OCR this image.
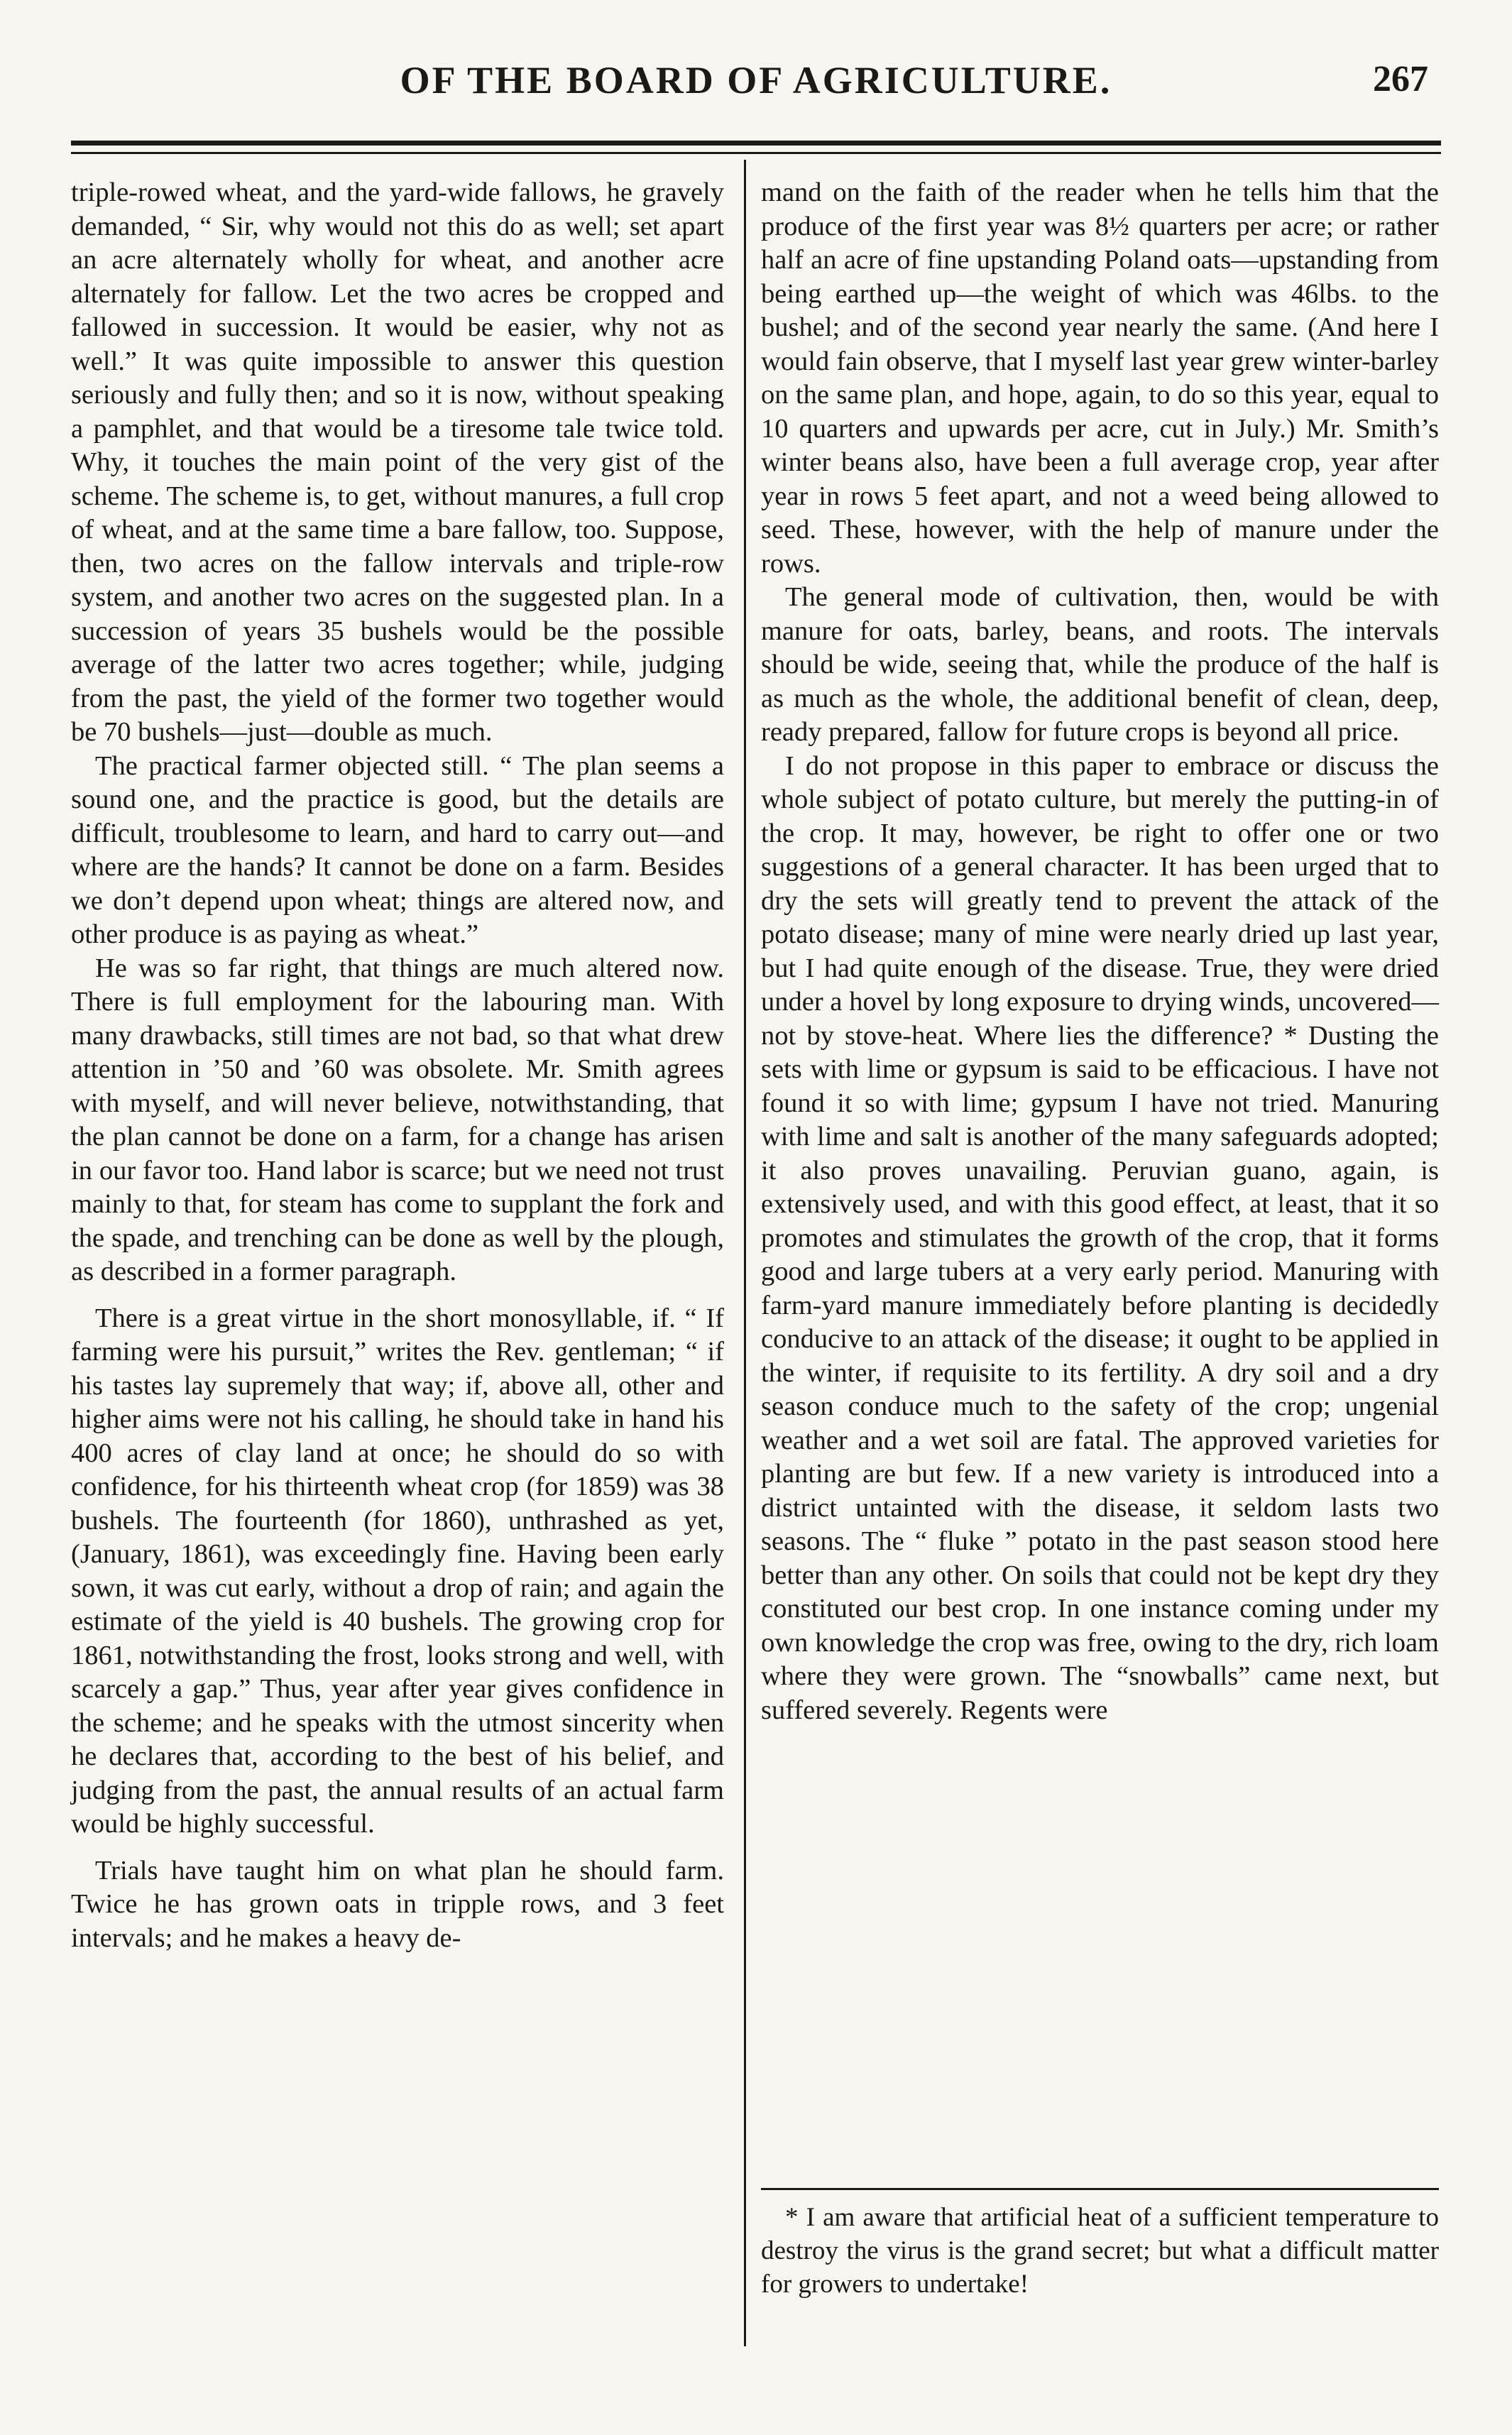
OF THE BOARD OF AGRICULTURE.	267

triple-rowed wheat, and the yard-wide fallows, he gravely demanded, “ Sir, why would not this do as well; set apart an acre alternately wholly for wheat, and another acre alternately for fallow. Let the two acres be cropped and fallowed in succession. It would be easier, why not as well.” It was quite impossible to answer this question seriously and fully then; and so it is now, without speaking a pamphlet, and that would be a tiresome tale twice told. Why, it touches the main point of the very gist of the scheme. The scheme is, to get, without manures, a full crop of wheat, and at the same time a bare fallow, too. Suppose, then, two acres on the fallow intervals and triple-row system, and another two acres on the suggested plan. In a succession of years 35 bushels would be the possible average of the latter two acres together; while, judging from the past, the yield of the former two together would be 70 bushels—just—double as much.

The practical farmer objected still. “ The plan seems a sound one, and the practice is good, but the details are difficult, troublesome to learn, and hard to carry out—and where are the hands? It cannot be done on a farm. Besides we don’t depend upon wheat; things are altered now, and other produce is as paying as wheat.”

He was so far right, that things are much altered now. There is full employment for the labouring man. With many drawbacks, still times are not bad, so that what drew attention in ’50 and ’60 was obsolete. Mr. Smith agrees with myself, and will never believe, notwithstanding, that the plan cannot be done on a farm, for a change has arisen in our favor too. Hand labor is scarce; but we need not trust mainly to that, for steam has come to supplant the fork and the spade, and trenching can be done as well by the plough, as described in a former paragraph.

There is a great virtue in the short monosyllable, if. “ If farming were his pursuit,” writes the Rev. gentleman; “ if his tastes lay supremely that way; if, above all, other and higher aims were not his calling, he should take in hand his 400 acres of clay land at once; he should do so with confidence, for his thirteenth wheat crop (for 1859) was 38 bushels. The fourteenth (for 1860), unthrashed as yet, (January, 1861), was exceedingly fine. Having been early sown, it was cut early, without a drop of rain; and again the estimate of the yield is 40 bushels. The growing crop for 1861, notwithstanding the frost, looks strong and well, with scarcely a gap.” Thus, year after year gives confidence in the scheme; and he speaks with the utmost sincerity when he declares that, according to the best of his belief, and judging from the past, the annual results of an actual farm would be highly successful.

Trials have taught him on what plan he should farm. Twice he has grown oats in tripple rows, and 3 feet intervals; and he makes a heavy de-

mand on the faith of the reader when he tells him that the produce of the first year was 8½ quarters per acre; or rather half an acre of fine upstanding Poland oats—upstanding from being earthed up—the weight of which was 46lbs. to the bushel; and of the second year nearly the same. (And here I would fain observe, that I myself last year grew winter-barley on the same plan, and hope, again, to do so this year, equal to 10 quarters and upwards per acre, cut in July.) Mr. Smith’s winter beans also, have been a full average crop, year after year in rows 5 feet apart, and not a weed being allowed to seed. These, however, with the help of manure under the rows.

The general mode of cultivation, then, would be with manure for oats, barley, beans, and roots. The intervals should be wide, seeing that, while the produce of the half is as much as the whole, the additional benefit of clean, deep, ready prepared, fallow for future crops is beyond all price.

I do not propose in this paper to embrace or discuss the whole subject of potato culture, but merely the putting-in of the crop. It may, however, be right to offer one or two suggestions of a general character. It has been urged that to dry the sets will greatly tend to prevent the attack of the potato disease; many of mine were nearly dried up last year, but I had quite enough of the disease. True, they were dried under a hovel by long exposure to drying winds, uncovered—not by stove-heat. Where lies the difference? * Dusting the sets with lime or gypsum is said to be efficacious. I have not found it so with lime; gypsum I have not tried. Manuring with lime and salt is another of the many safeguards adopted; it also proves unavailing. Peruvian guano, again, is extensively used, and with this good effect, at least, that it so promotes and stimulates the growth of the crop, that it forms good and large tubers at a very early period. Manuring with farm-yard manure immediately before planting is decidedly conducive to an attack of the disease; it ought to be applied in the winter, if requisite to its fertility. A dry soil and a dry season conduce much to the safety of the crop; ungenial weather and a wet soil are fatal. The approved varieties for planting are but few. If a new variety is introduced into a district untainted with the disease, it seldom lasts two seasons. The “ fluke ” potato in the past season stood here better than any other. On soils that could not be kept dry they constituted our best crop. In one instance coming under my own knowledge the crop was free, owing to the dry, rich loam where they were grown. The “snowballs” came next, but suffered severely. Regents were

* I am aware that artificial heat of a sufficient temperature to destroy the virus is the grand secret; but what a difficult matter for growers to undertake!
